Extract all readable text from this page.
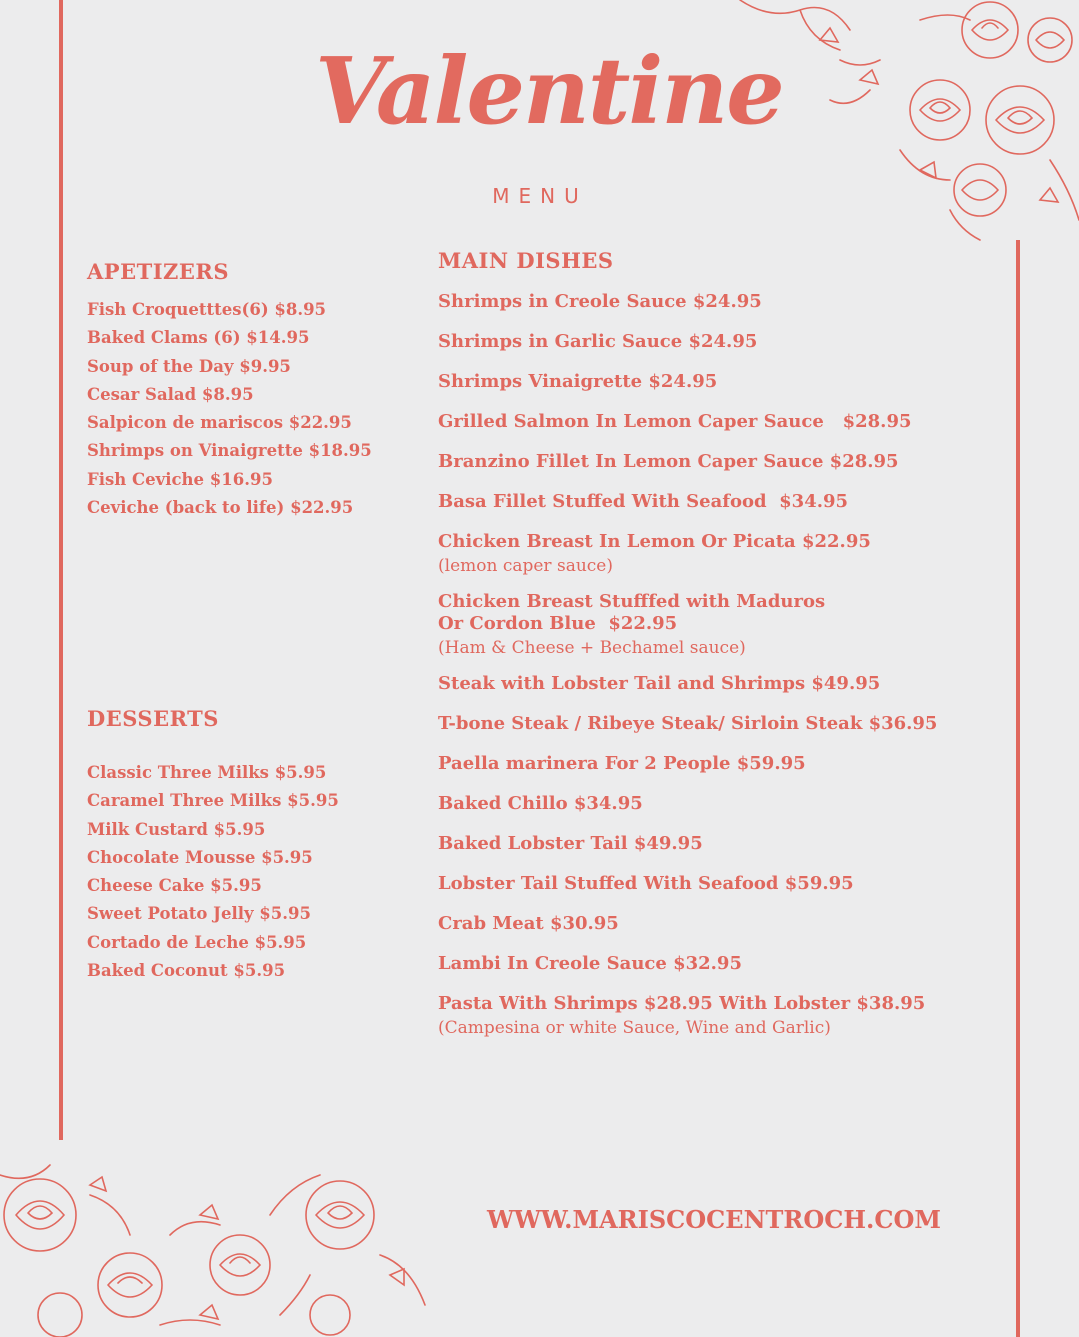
Valentine
MENU
APETIZERS
Fish Croquetttes(6) $8.95
Baked Clams (6) $14.95
Soup of the Day $9.95
Cesar Salad $8.95
Salpicon de mariscos $22.95
Shrimps on Vinaigrette $18.95
Fish Ceviche $16.95
Ceviche (back to life) $22.95
DESSERTS
Classic Three Milks $5.95
Caramel Three Milks $5.95
Milk Custard $5.95
Chocolate Mousse $5.95
Cheese Cake $5.95
Sweet Potato Jelly $5.95
Cortado de Leche $5.95
Baked Coconut $5.95
MAIN DISHES
Shrimps in Creole Sauce $24.95
Shrimps in Garlic Sauce $24.95
Shrimps Vinaigrette $24.95
Grilled Salmon In Lemon Caper Sauce   $28.95
Branzino Fillet In Lemon Caper Sauce $28.95
Basa Fillet Stuffed With Seafood  $34.95
Chicken Breast In Lemon Or Picata $22.95
(lemon caper sauce)
Chicken Breast Stufffed with Maduros
Or Cordon Blue  $22.95
(Ham & Cheese + Bechamel sauce)
Steak with Lobster Tail and Shrimps $49.95
T-bone Steak / Ribeye Steak/ Sirloin Steak $36.95
Paella marinera For 2 People $59.95
Baked Chillo $34.95
Baked Lobster Tail $49.95
Lobster Tail Stuffed With Seafood $59.95
Crab Meat $30.95
Lambi In Creole Sauce $32.95
Pasta With Shrimps $28.95 With Lobster $38.95
(Campesina or white Sauce, Wine and Garlic)
WWW.MARISCOCENTROCH.COM
